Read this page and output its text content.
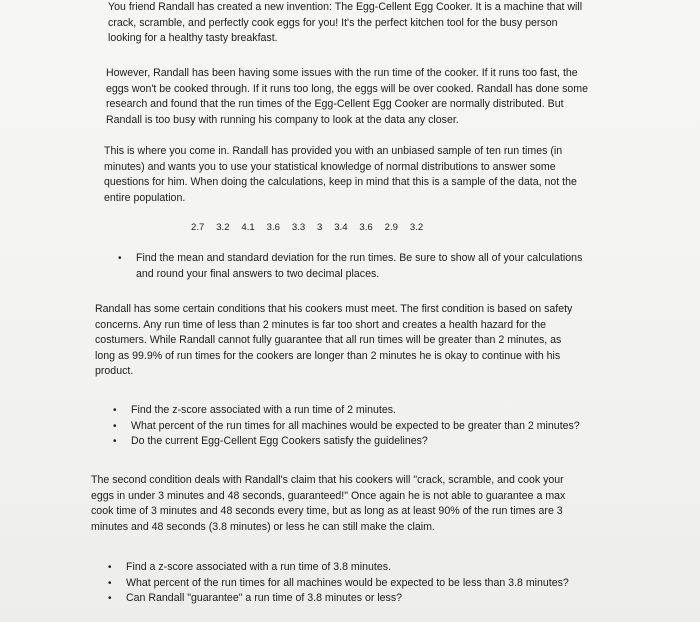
You friend Randall has created a new invention: The Egg-Cellent Egg Cooker. It is a machine that will
crack, scramble, and perfectly cook eggs for you! It's the perfect kitchen tool for the busy person
looking for a healthy tasty breakfast.

However, Randall has been having some issues with the run time of the cooker. If it runs too fast, the
eggs won't be cooked through. If it runs too long, the eggs will be over cooked. Randall has done some
research and found that the run times of the Egg-Cellent Egg Cooker are normally distributed. But
Randall is too busy with running his company to look at the data any closer.

This is where you come in. Randall has provided you with an unbiased sample of ten run times (in
minutes) and wants you to use your statistical knowledge of normal distributions to answer some
questions for him. When doing the calculations, keep in mind that this is a sample of the data, not the
entire population.

2.7 3.2 4.1 3.6 3.3 3 3.4 3.6 2.9 3.2
• Find the mean and standard deviation for the run times. Be sure to show all of your calculations
and round your final answers to two decimal places.

Randall has some certain conditions that his cookers must meet. The first condition is based on safety
concerns. Any run time of less than 2 minutes is far too short and creates a health hazard for the
costumers. While Randall cannot fully guarantee that all run times will be greater than 2 minutes, as
long as 99.9% of run times for the cookers are longer than 2 minutes he is okay to continue with his
product.

• Find the z-score associated with a run time of 2 minutes.
• What percent of the run times for all machines would be expected to be greater than 2 minutes?
• Do the current Egg-Cellent Egg Cookers satisfy the guidelines?

The second condition deals with Randall's claim that his cookers will "crack, scramble, and cook your
eggs in under 3 minutes and 48 seconds, guaranteed!" Once again he is not able to guarantee a max
cook time of 3 minutes and 48 seconds every time, but as long as at least 90% of the run times are 3
minutes and 48 seconds (3.8 minutes) or less he can still make the claim.

• Find a z-score associated with a run time of 3.8 minutes.
• What percent of the run times for all machines would be expected to be less than 3.8 minutes?
• Can Randall "guarantee" a run time of 3.8 minutes or less?
